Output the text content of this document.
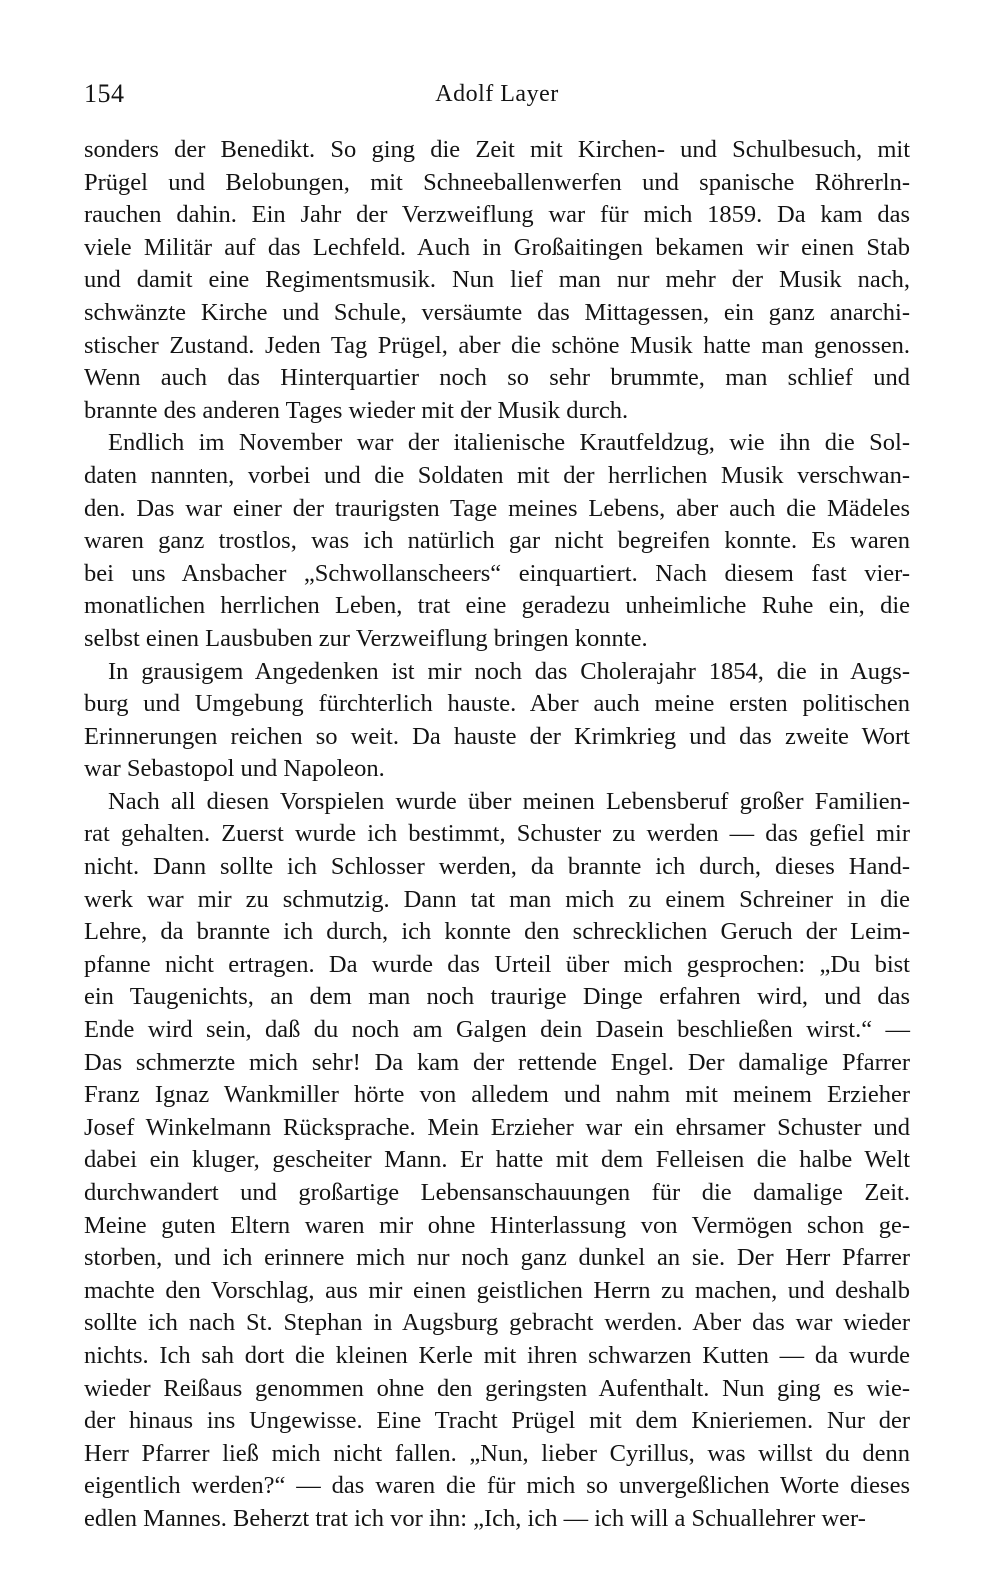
154	Adolf Layer
sonders der Benedikt. So ging die Zeit mit Kirchen- und Schulbesuch, mit
Prügel und Belobungen, mit Schneeballenwerfen und spanische Röhrerln-
rauchen dahin. Ein Jahr der Verzweiflung war für mich 1859. Da kam das
viele Militär auf das Lechfeld. Auch in Großaitingen bekamen wir einen Stab
und damit eine Regimentsmusik. Nun lief man nur mehr der Musik nach,
schwänzte Kirche und Schule, versäumte das Mittagessen, ein ganz anarchi-
stischer Zustand. Jeden Tag Prügel, aber die schöne Musik hatte man genossen.
Wenn auch das Hinterquartier noch so sehr brummte, man schlief und
brannte des anderen Tages wieder mit der Musik durch.
Endlich im November war der italienische Krautfeldzug, wie ihn die Sol-
daten nannten, vorbei und die Soldaten mit der herrlichen Musik verschwan-
den. Das war einer der traurigsten Tage meines Lebens, aber auch die Mädeles
waren ganz trostlos, was ich natürlich gar nicht begreifen konnte. Es waren
bei uns Ansbacher „Schwollanscheers“ einquartiert. Nach diesem fast vier-
monatlichen herrlichen Leben, trat eine geradezu unheimliche Ruhe ein, die
selbst einen Lausbuben zur Verzweiflung bringen konnte.
In grausigem Angedenken ist mir noch das Cholerajahr 1854, die in Augs-
burg und Umgebung fürchterlich hauste. Aber auch meine ersten politischen
Erinnerungen reichen so weit. Da hauste der Krimkrieg und das zweite Wort
war Sebastopol und Napoleon.
Nach all diesen Vorspielen wurde über meinen Lebensberuf großer Familien-
rat gehalten. Zuerst wurde ich bestimmt, Schuster zu werden — das gefiel mir
nicht. Dann sollte ich Schlosser werden, da brannte ich durch, dieses Hand-
werk war mir zu schmutzig. Dann tat man mich zu einem Schreiner in die
Lehre, da brannte ich durch, ich konnte den schrecklichen Geruch der Leim-
pfanne nicht ertragen. Da wurde das Urteil über mich gesprochen: „Du bist
ein Taugenichts, an dem man noch traurige Dinge erfahren wird, und das
Ende wird sein, daß du noch am Galgen dein Dasein beschließen wirst.“ —
Das schmerzte mich sehr! Da kam der rettende Engel. Der damalige Pfarrer
Franz Ignaz Wankmiller hörte von alledem und nahm mit meinem Erzieher
Josef Winkelmann Rücksprache. Mein Erzieher war ein ehrsamer Schuster und
dabei ein kluger, gescheiter Mann. Er hatte mit dem Felleisen die halbe Welt
durchwandert und großartige Lebensanschauungen für die damalige Zeit.
Meine guten Eltern waren mir ohne Hinterlassung von Vermögen schon ge-
storben, und ich erinnere mich nur noch ganz dunkel an sie. Der Herr Pfarrer
machte den Vorschlag, aus mir einen geistlichen Herrn zu machen, und deshalb
sollte ich nach St. Stephan in Augsburg gebracht werden. Aber das war wieder
nichts. Ich sah dort die kleinen Kerle mit ihren schwarzen Kutten — da wurde
wieder Reißaus genommen ohne den geringsten Aufenthalt. Nun ging es wie-
der hinaus ins Ungewisse. Eine Tracht Prügel mit dem Knieriemen. Nur der
Herr Pfarrer ließ mich nicht fallen. „Nun, lieber Cyrillus, was willst du denn
eigentlich werden?“ — das waren die für mich so unvergeßlichen Worte dieses
edlen Mannes. Beherzt trat ich vor ihn: „Ich, ich — ich will a Schuallehrer wer-
